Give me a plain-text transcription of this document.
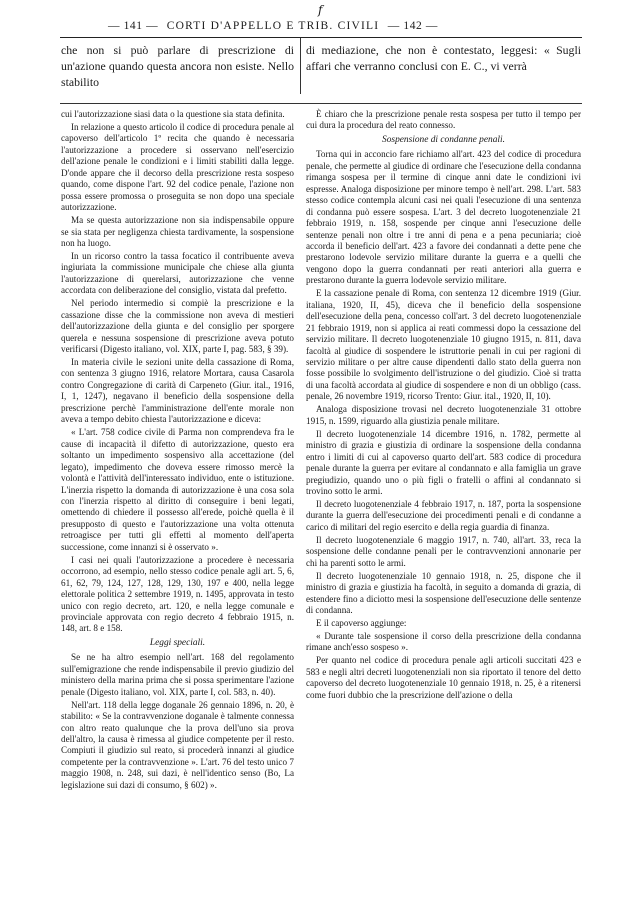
f
— 141 — CORTI D'APPELLO E TRIB. CIVILI — 142 —

che non si può parlare di prescrizione di un'azione quando questa ancora non esiste. Nello stabilito

di mediazione, che non è contestato, leggesi: « Sugli affari che verranno conclusi con E. C., vi verrà

cui l'autorizzazione siasi data o la questione sia stata definita.

In relazione a questo articolo il codice di procedura penale al capoverso dell'articolo 1º recita che quando è necessaria l'autorizzazione a procedere si osservano nell'esercizio dell'azione penale le condizioni e i limiti stabiliti dalla legge. D'onde appare che il decorso della prescrizione resta sospeso quando, come dispone l'art. 92 del codice penale, l'azione non possa essere promossa o proseguita se non dopo una speciale autorizzazione.

Ma se questa autorizzazione non sia indispensabile oppure se sia stata per negligenza chiesta tardivamente, la sospensione non ha luogo.

In un ricorso contro la tassa focatico il contribuente aveva ingiuriata la commissione municipale che chiese alla giunta l'autorizzazione di querelarsi, autorizzazione che venne accordata con deliberazione del consiglio, vistata dal prefetto.

Nel periodo intermedio si compiè la prescrizione e la cassazione disse che la commissione non aveva di mestieri dell'autorizzazione della giunta e del consiglio per sporgere querela e nessuna sospensione di prescrizione aveva potuto verificarsi (Digesto italiano, vol. XIX, parte I, pag. 583, § 39).

In materia civile le sezioni unite della cassazione di Roma, con sentenza 3 giugno 1916, relatore Mortara, causa Casarola contro Congregazione di carità di Carpeneto (Giur. ital., 1916, I, 1, 1247), negavano il beneficio della sospensione della prescrizione perchè l'amministrazione dell'ente morale non aveva a tempo debito chiesta l'autorizzazione e diceva:

« L'art. 758 codice civile di Parma non comprendeva fra le cause di incapacità il difetto di autorizzazione, questo era soltanto un impedimento sospensivo alla accettazione (del legato), impedimento che doveva essere rimosso mercè la volontà e l'attività dell'interessato individuo, ente o istituzione. L'inerzia rispetto la domanda di autorizzazione è una cosa sola con l'inerzia rispetto al diritto di conseguire i beni legati, omettendo di chiedere il possesso all'erede, poichè quella è il presupposto di questo e l'autorizzazione una volta ottenuta retroagisce per tutti gli effetti al momento dell'aperta successione, come innanzi si è osservato ».

I casi nei quali l'autorizzazione a procedere è necessaria occorrono, ad esempio, nello stesso codice penale agli art. 5, 6, 61, 62, 79, 124, 127, 128, 129, 130, 197 e 400, nella legge elettorale politica 2 settembre 1919, n. 1495, approvata in testo unico con regio decreto, art. 120, e nella legge comunale e provinciale approvata con regio decreto 4 febbraio 1915, n. 148, art. 8 e 158.

Leggi speciali.

Se ne ha altro esempio nell'art. 168 del regolamento sull'emigrazione che rende indispensabile il previo giudizio del ministero della marina prima che si possa sperimentare l'azione penale (Digesto italiano, vol. XIX, parte I, col. 583, n. 40).

Nell'art. 118 della legge doganale 26 gennaio 1896, n. 20, è stabilito: « Se la contravvenzione doganale è talmente connessa con altro reato qualunque che la prova dell'uno sia prova dell'altro, la causa è rimessa al giudice competente per il resto. Compiuti il giudizio sul reato, si procederà innanzi al giudice competente per la contravvenzione ». L'art. 76 del testo unico 7 maggio 1908, n. 248, sui dazi, è nell'identico senso (Bo, La legislazione sui dazi di consumo, § 602) ».

È chiaro che la prescrizione penale resta sospesa per tutto il tempo per cui dura la procedura del reato connesso.

Sospensione di condanne penali.

Torna qui in acconcio fare richiamo all'art. 423 del codice di procedura penale, che permette al giudice di ordinare che l'esecuzione della condanna rimanga sospesa per il termine di cinque anni date le condizioni ivi espresse. Analoga disposizione per minore tempo è nell'art. 298. L'art. 583 stesso codice contempla alcuni casi nei quali l'esecuzione di una sentenza di condanna può essere sospesa. L'art. 3 del decreto luogotenenziale 21 febbraio 1919, n. 158, sospende per cinque anni l'esecuzione delle sentenze penali non oltre i tre anni di pena e a pena pecuniaria; cioè accorda il beneficio dell'art. 423 a favore dei condannati a dette pene che prestarono lodevole servizio militare durante la guerra e a quelli che vengono dopo la guerra condannati per reati anteriori alla guerra e prestarono durante la guerra lodevole servizio militare.

E la cassazione penale di Roma, con sentenza 12 dicembre 1919 (Giur. italiana, 1920, II, 45), diceva che il beneficio della sospensione dell'esecuzione della pena, concesso coll'art. 3 del decreto luogotenenziale 21 febbraio 1919, non si applica ai reati commessi dopo la cessazione del servizio militare. Il decreto luogotenenziale 10 giugno 1915, n. 811, dava facoltà al giudice di sospendere le istruttorie penali in cui per ragioni di servizio militare o per altre cause dipendenti dallo stato della guerra non fosse possibile lo svolgimento dell'istruzione o del giudizio. Cioè si tratta di una facoltà accordata al giudice di sospendere e non di un obbligo (cass. penale, 26 novembre 1919, ricorso Trento: Giur. ital., 1920, II, 10).

Analoga disposizione trovasi nel decreto luogotenenziale 31 ottobre 1915, n. 1599, riguardo alla giustizia penale militare.

Il decreto luogotenenziale 14 dicembre 1916, n. 1782, permette al ministro di grazia e giustizia di ordinare la sospensione della condanna entro i limiti di cui al capoverso quarto dell'art. 583 codice di procedura penale durante la guerra per evitare al condannato e alla famiglia un grave pregiudizio, quando uno o più figli o fratelli o affini al condannato si trovino sotto le armi.

Il decreto luogotenenziale 4 febbraio 1917, n. 187, porta la sospensione durante la guerra dell'esecuzione dei procedimenti penali e di condanne a carico di militari del regio esercito e della regia guardia di finanza.

Il decreto luogotenenziale 6 maggio 1917, n. 740, all'art. 33, reca la sospensione delle condanne penali per le contravvenzioni annonarie per chi ha parenti sotto le armi.

Il decreto luogotenenziale 10 gennaio 1918, n. 25, dispone che il ministro di grazia e giustizia ha facoltà, in seguito a domanda di grazia, di estendere fino a diciotto mesi la sospensione dell'esecuzione delle sentenze di condanna.

E il capoverso aggiunge:

« Durante tale sospensione il corso della prescrizione della condanna rimane anch'esso sospeso ».

Per quanto nel codice di procedura penale agli articoli succitati 423 e 583 e negli altri decreti luogotenenziali non sia riportato il tenore del detto capoverso del decreto luogotenenziale 10 gennaio 1918, n. 25, è a ritenersi come fuori dubbio che la prescrizione dell'azione o della
